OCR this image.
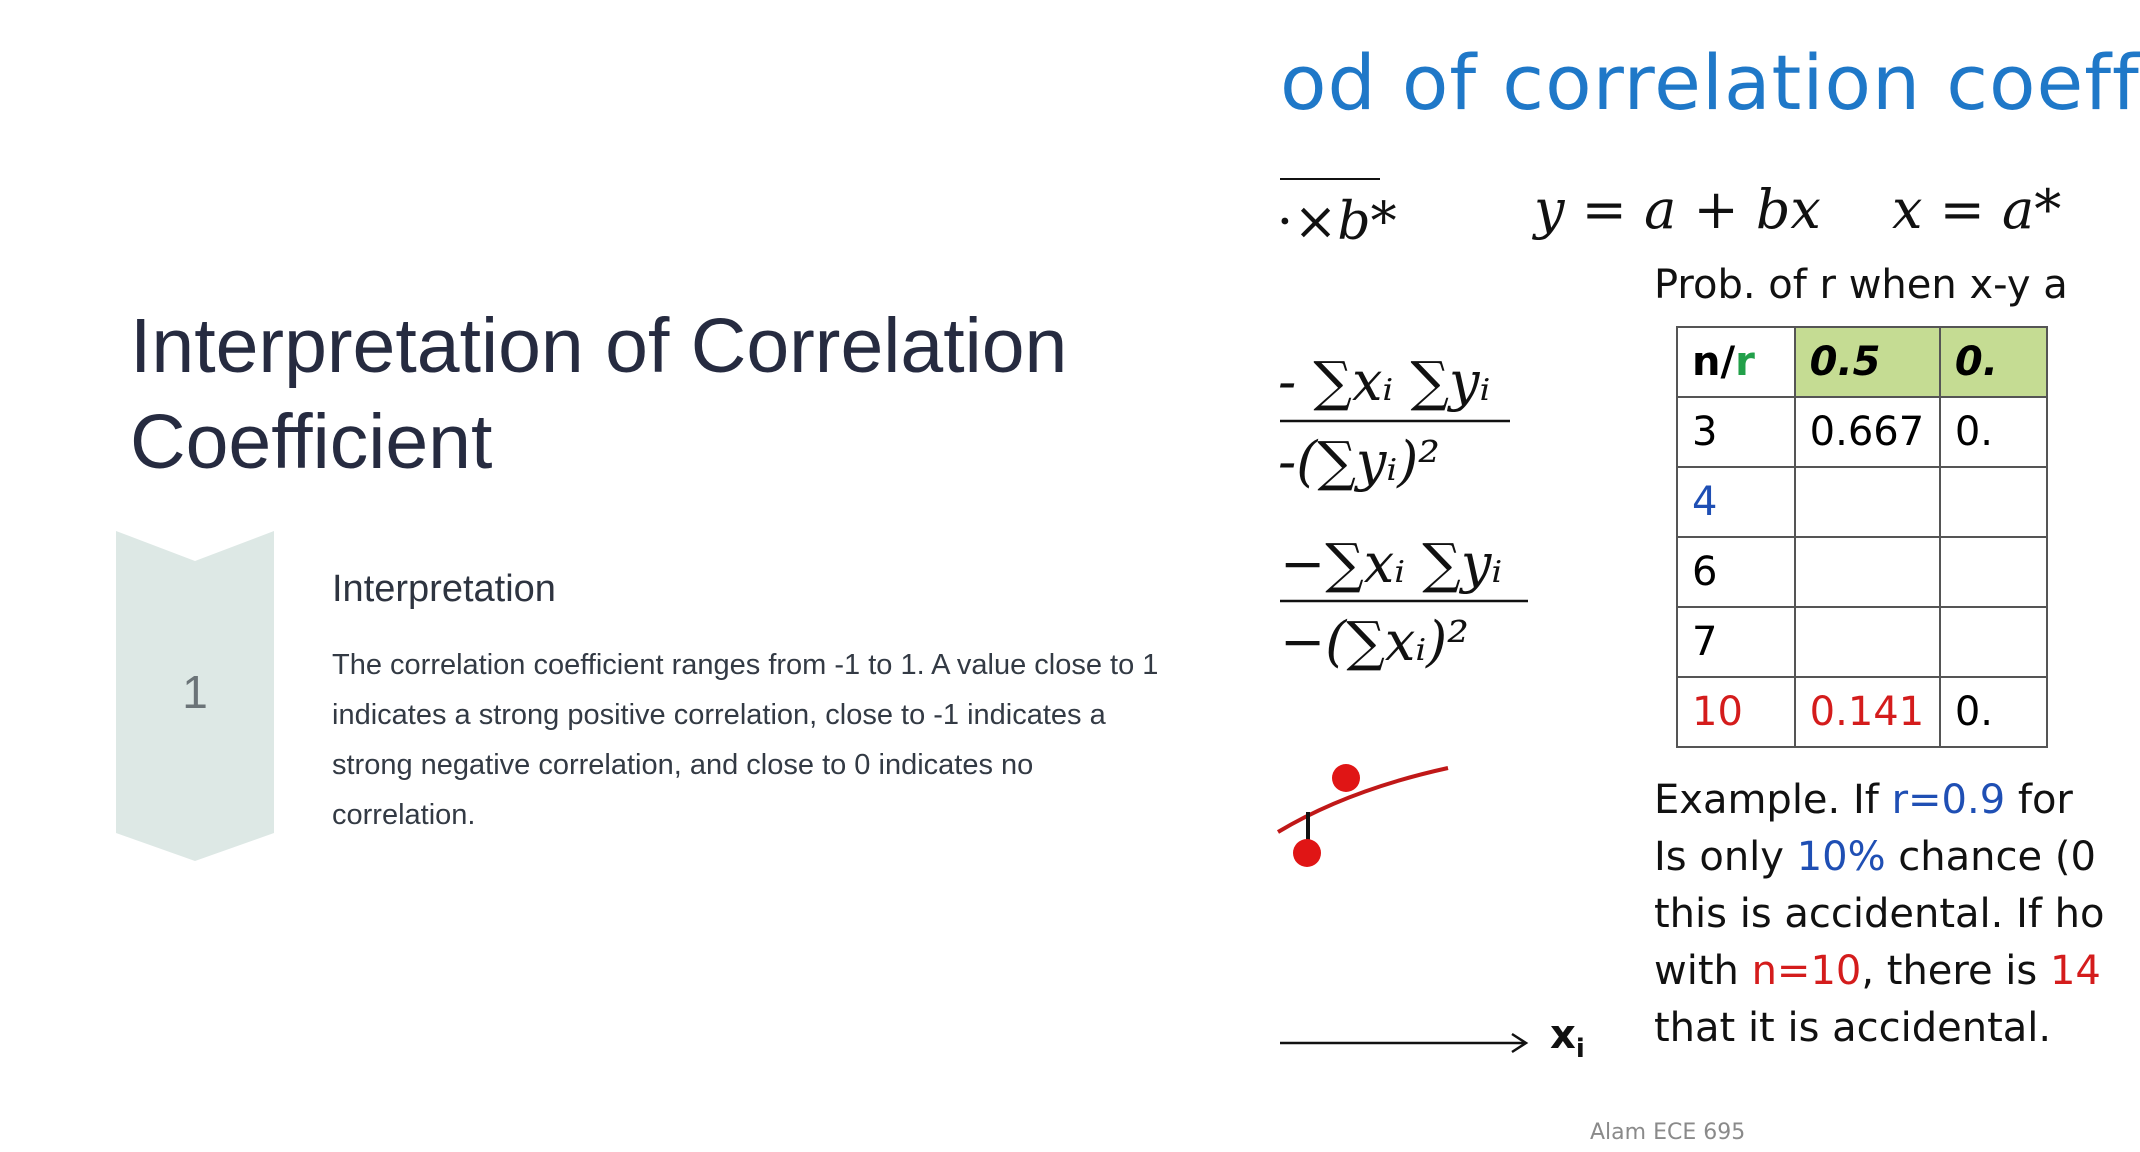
Interpretation of Correlation Coefficient
1
Interpretation
The correlation coefficient ranges from -1 to 1. A value close to 1 indicates a strong positive correlation, close to -1 indicates a strong negative correlation, and close to 0 indicates no correlation.
od of correlation coeff
⋅×b*	y = a + bx x = a*
- ∑xᵢ ∑yᵢ
-(∑yᵢ)²
−∑xᵢ ∑yᵢ
−(∑xᵢ)²
$x_i$
Prob. of r when x-y a
n/r	0.5	0.
3	0.667	0.
4		
6		
7		
10	0.141	0.
Example. If r=0.9 for
Is only 10% chance (0
this is accidental. If ho
with n=10, there is 14
that it is accidental.
Alam ECE 695
